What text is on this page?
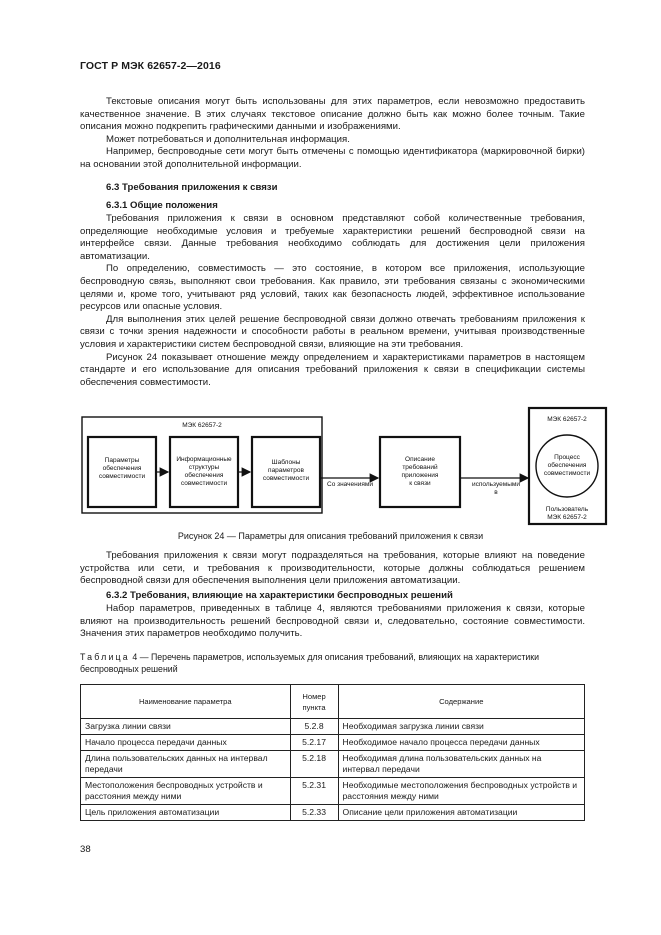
ГОСТ Р МЭК 62657-2—2016

Текстовые описания могут быть использованы для этих параметров, если невозможно предоставить качественное значение. В этих случаях текстовое описание должно быть как можно более точным. Такие описания можно подкрепить графическими данными и изображениями.

Может потребоваться и дополнительная информация.

Например, беспроводные сети могут быть отмечены с помощью идентификатора (маркировочной бирки) на основании этой дополнительной информации.

6.3 Требования приложения к связи
6.3.1 Общие положения

Требования приложения к связи в основном представляют собой количественные требования, определяющие необходимые условия и требуемые характеристики решений беспроводной связи на интерфейсе связи. Данные требования необходимо соблюдать для достижения цели приложения автоматизации.

По определению, совместимость — это состояние, в котором все приложения, использующие беспроводную связь, выполняют свои требования. Как правило, эти требования связаны с экономическими целями и, кроме того, учитывают ряд условий, таких как безопасность людей, эффективное использование ресурсов или опасные условия.

Для выполнения этих целей решение беспроводной связи должно отвечать требованиям приложения к связи с точки зрения надежности и способности работы в реальном времени, учитывая производственные условия и характеристики систем беспроводной связи, влияющие на эти требования.

Рисунок 24 показывает отношение между определением и характеристиками параметров в настоящем стандарте и его использование для описания требований приложения к связи в спецификации системы обеспечения совместимости.

МЭК 62657-2
Параметры
обеспечения
совместимости
Информационные
структуры
обеспечения
совместимости
Шаблоны
параметров
совместимости
Со значениями
Описание
требований
приложения
к связи	используемыми
в
МЭК 62657-2
Процесс
обеспечения
совместимости
Пользователь
МЭК 62657-2
Рисунок 24 — Параметры для описания требований приложения к связи

Требования приложения к связи могут подразделяться на требования, которые влияют на поведение устройства или сети, и требования к производительности, которые должны соблюдаться решением беспроводной связи для обеспечения выполнения цели приложения автоматизации.

6.3.2 Требования, влияющие на характеристики беспроводных решений

Набор параметров, приведенных в таблице 4, являются требованиями приложения к связи, которые влияют на производительность решений беспроводной связи и, следовательно, состояние совместимости. Значения этих параметров необходимо получить.

Таблица 4 — Перечень параметров, используемых для описания требований, влияющих на характеристики беспроводных решений
Наименование параметра	Номер пункта	Содержание
Загрузка линии связи	5.2.8	Необходимая загрузка линии связи
Начало процесса передачи данных	5.2.17	Необходимое начало процесса передачи данных
Длина пользовательских данных на интервал передачи	5.2.18	Необходимая длина пользовательских данных на интервал передачи
Местоположения беспроводных устройств и расстояния между ними	5.2.31	Необходимые местоположения беспроводных устройств и расстояния между ними
Цель приложения автоматизации	5.2.33	Описание цели приложения автоматизации
38
